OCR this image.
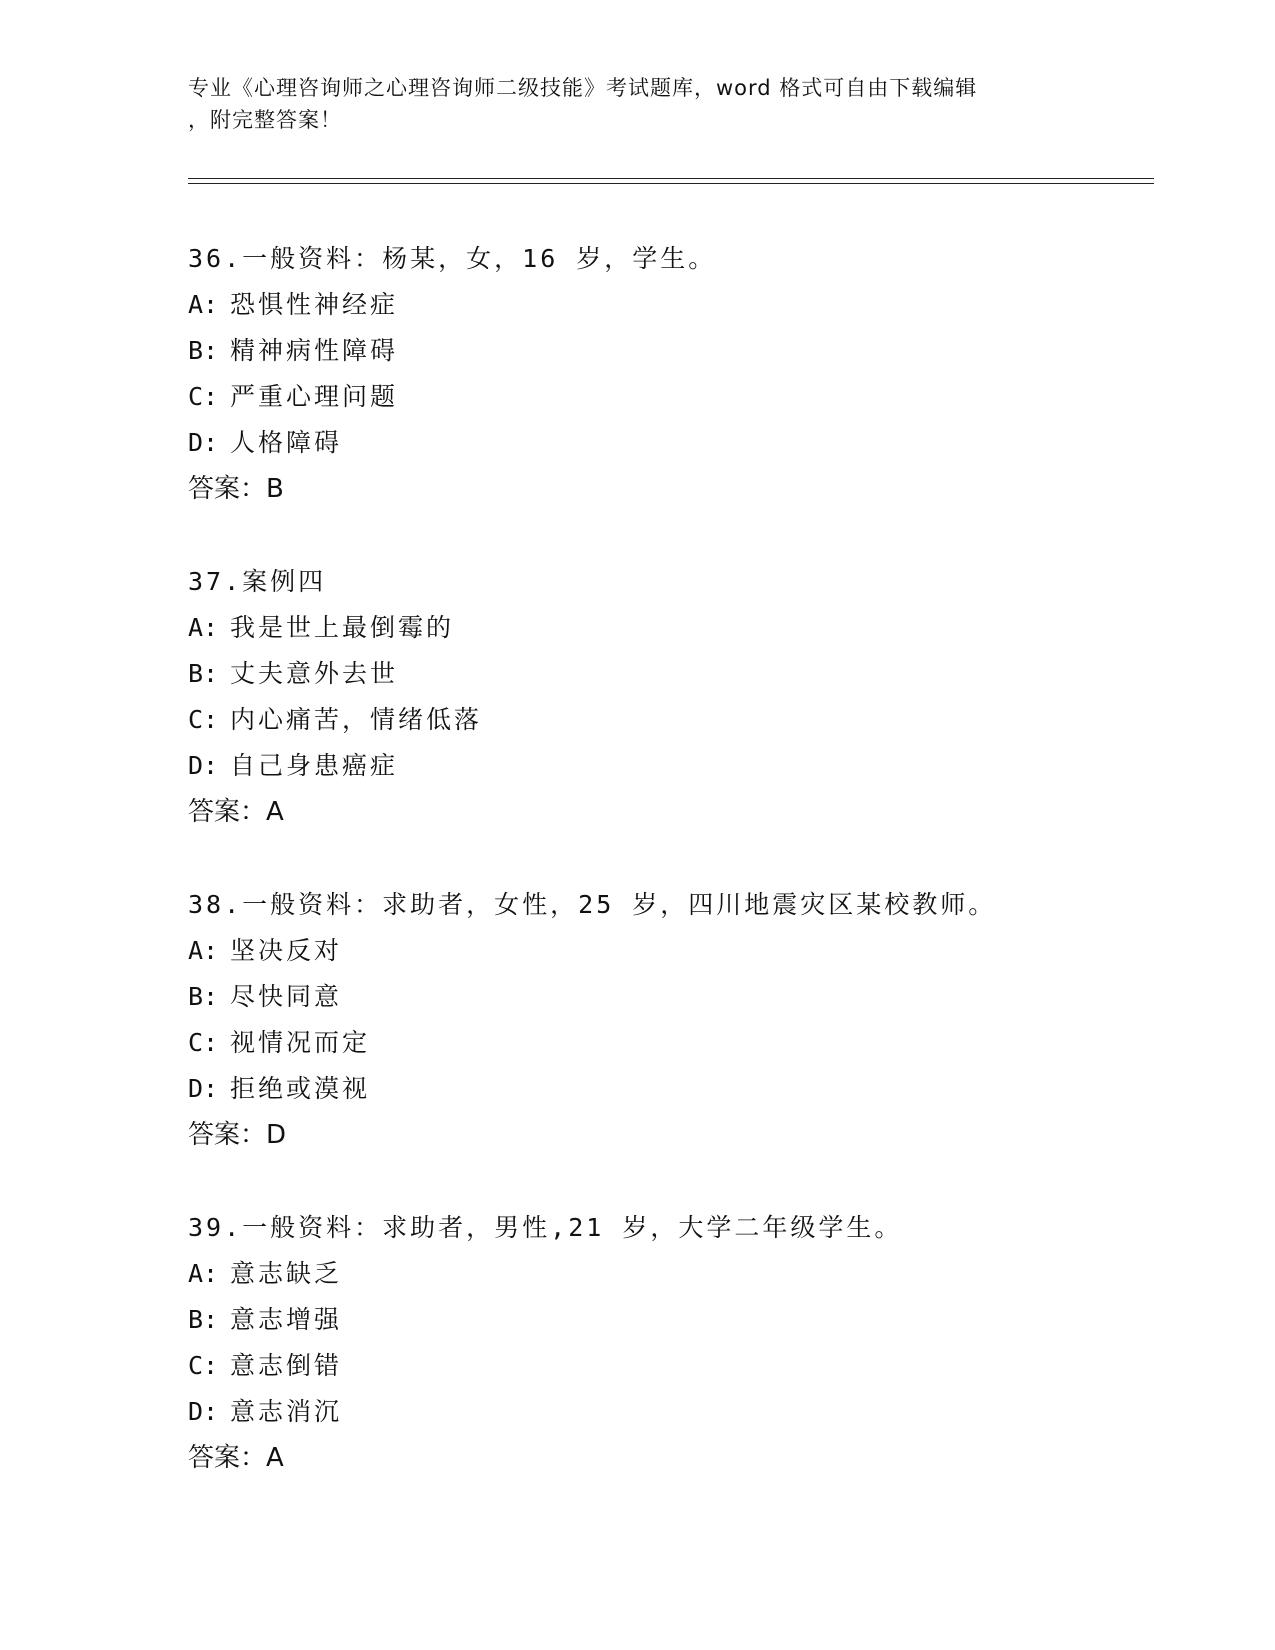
专业《心理咨询师之心理咨询师二级技能》考试题库，word 格式可自由下载编辑
，附完整答案！
36.一般资料：杨某，女，16 岁，学生。
A: 恐惧性神经症
B: 精神病性障碍
C: 严重心理问题
D: 人格障碍
答案：B
37.案例四
A: 我是世上最倒霉的
B: 丈夫意外去世
C: 内心痛苦，情绪低落
D: 自己身患癌症
答案：A
38.一般资料：求助者，女性，25 岁，四川地震灾区某校教师。
A: 坚决反对
B: 尽快同意
C: 视情况而定
D: 拒绝或漠视
答案：D
39.一般资料：求助者，男性,21 岁，大学二年级学生。
A: 意志缺乏
B: 意志增强
C: 意志倒错
D: 意志消沉
答案：A
